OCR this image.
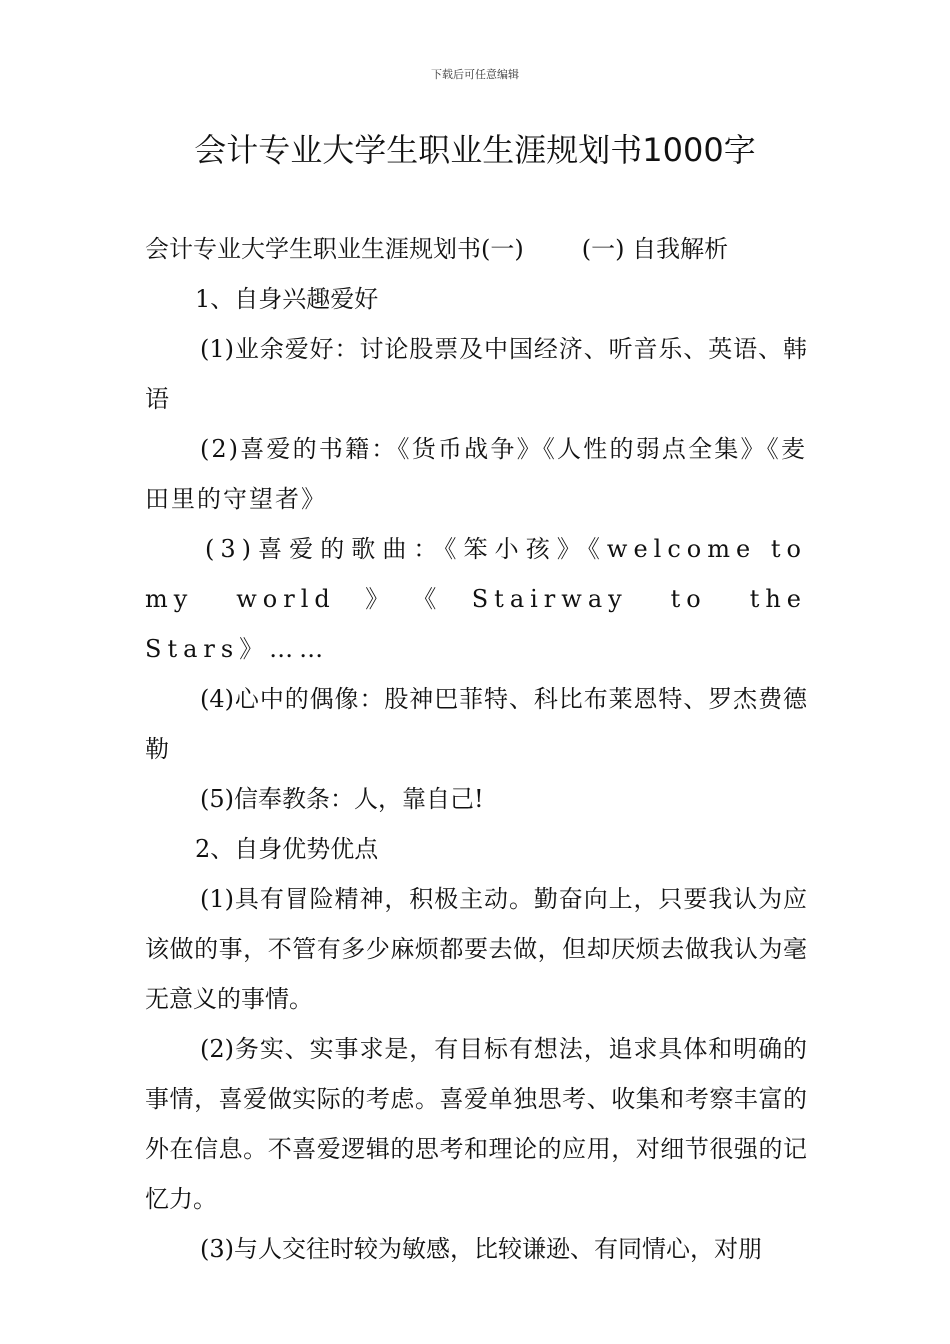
下载后可任意编辑
会计专业大学生职业生涯规划书1000字

会计专业大学生职业生涯规划书(一) (一) 自我解析

1、自身兴趣爱好

(1)业余爱好：讨论股票及中国经济、听音乐、英语、韩语

(2)喜爱的书籍：《货币战争》《人性的弱点全集》《麦田里的守望者》

(3)喜爱的歌曲：《笨小孩》《welcome to my world》《Stairway to the Stars》……

(4)心中的偶像：股神巴菲特、科比布莱恩特、罗杰费德勒

(5)信奉教条：人，靠自己!

2、自身优势优点

(1)具有冒险精神，积极主动。勤奋向上，只要我认为应该做的事，不管有多少麻烦都要去做，但却厌烦去做我认为毫无意义的事情。

(2)务实、实事求是，有目标有想法，追求具体和明确的事情，喜爱做实际的考虑。喜爱单独思考、收集和考察丰富的外在信息。不喜爱逻辑的思考和理论的应用，对细节很强的记忆力。

(3)与人交往时较为敏感，比较谦逊、有同情心，对朋
